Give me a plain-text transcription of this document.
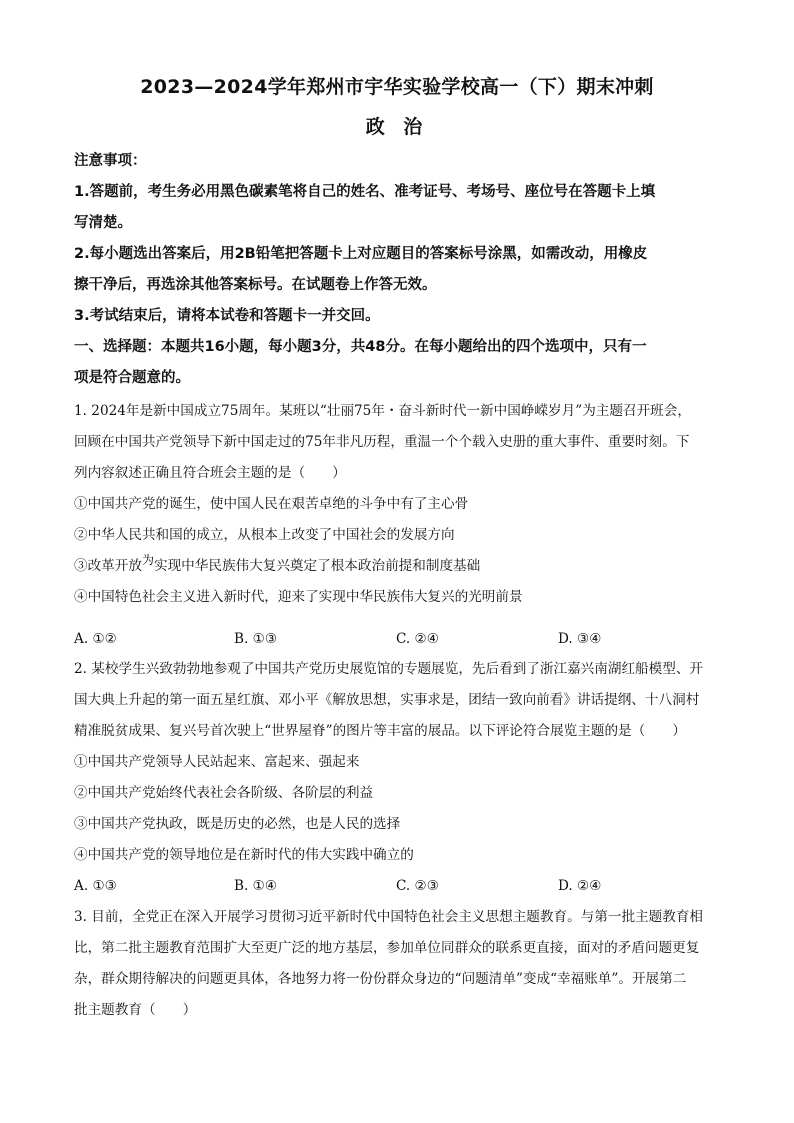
2023—2024学年郑州市宇华实验学校高一（下）期末冲刺
政 治
注意事项：
1.答题前，考生务必用黑色碳素笔将自己的姓名、准考证号、考场号、座位号在答题卡上填
写清楚。
2.每小题选出答案后，用2B铅笔把答题卡上对应题目的答案标号涂黑，如需改动，用橡皮
擦干净后，再选涂其他答案标号。在试题卷上作答无效。
3.考试结束后，请将本试卷和答题卡一并交回。
一、选择题：本题共16小题，每小题3分，共48分。在每小题给出的四个选项中，只有一
项是符合题意的。
1. 2024年是新中国成立75周年。某班以“壮丽75年・奋斗新时代一新中国峥嵘岁月”为主题召开班会，
回顾在中国共产党领导下新中国走过的75年非凡历程，重温一个个载入史册的重大事件、重要时刻。下
列内容叙述正确且符合班会主题的是（　　）
①中国共产党的诞生，使中国人民在艰苦卓绝的斗争中有了主心骨
②中华人民共和国的成立，从根本上改变了中国社会的发展方向
③改革开放为实现中华民族伟大复兴奠定了根本政治前提和制度基础
④中国特色社会主义进入新时代，迎来了实现中华民族伟大复兴的光明前景
A. ①②	B. ①③	C. ②④	D. ③④
2. 某校学生兴致勃勃地参观了中国共产党历史展览馆的专题展览，先后看到了浙江嘉兴南湖红船模型、开
国大典上升起的第一面五星红旗、邓小平《解放思想，实事求是，团结一致向前看》讲话提纲、十八洞村
精准脱贫成果、复兴号首次驶上“世界屋脊”的图片等丰富的展品。以下评论符合展览主题的是（　　）
①中国共产党领导人民站起来、富起来、强起来
②中国共产党始终代表社会各阶级、各阶层的利益
③中国共产党执政，既是历史的必然，也是人民的选择
④中国共产党的领导地位是在新时代的伟大实践中确立的
A. ①③	B. ①④	C. ②③	D. ②④
3. 目前，全党正在深入开展学习贯彻习近平新时代中国特色社会主义思想主题教育。与第一批主题教育相
比，第二批主题教育范围扩大至更广泛的地方基层，参加单位同群众的联系更直接，面对的矛盾问题更复
杂，群众期待解决的问题更具体，各地努力将一份份群众身边的“问题清单”变成“幸福账单”。开展第二
批主题教育（　　）
